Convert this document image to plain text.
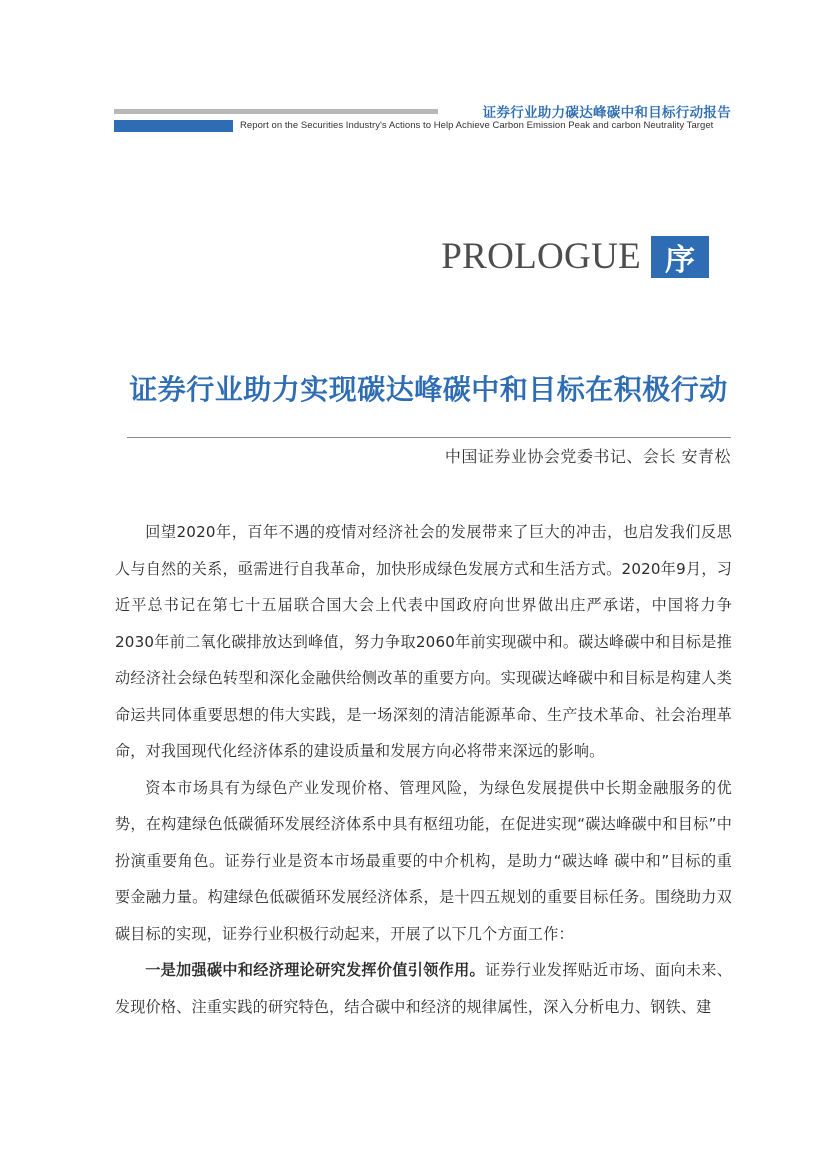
证券行业助力碳达峰碳中和目标行动报告
Report on the Securities Industry's Actions to Help Achieve Carbon Emission Peak and carbon Neutrality Target
PROLOGUE 序
证券行业助力实现碳达峰碳中和目标在积极行动
中国证券业协会党委书记、会长 安青松

回望2020年，百年不遇的疫情对经济社会的发展带来了巨大的冲击，也启发我们反思人与自然的关系，亟需进行自我革命，加快形成绿色发展方式和生活方式。2020年9月，习近平总书记在第七十五届联合国大会上代表中国政府向世界做出庄严承诺，中国将力争2030年前二氧化碳排放达到峰值，努力争取2060年前实现碳中和。碳达峰碳中和目标是推动经济社会绿色转型和深化金融供给侧改革的重要方向。实现碳达峰碳中和目标是构建人类命运共同体重要思想的伟大实践，是一场深刻的清洁能源革命、生产技术革命、社会治理革命，对我国现代化经济体系的建设质量和发展方向必将带来深远的影响。

资本市场具有为绿色产业发现价格、管理风险，为绿色发展提供中长期金融服务的优势，在构建绿色低碳循环发展经济体系中具有枢纽功能，在促进实现“碳达峰碳中和目标”中扮演重要角色。证券行业是资本市场最重要的中介机构，是助力“碳达峰 碳中和”目标的重要金融力量。构建绿色低碳循环发展经济体系，是十四五规划的重要目标任务。围绕助力双碳目标的实现，证券行业积极行动起来，开展了以下几个方面工作：

一是加强碳中和经济理论研究发挥价值引领作用。证券行业发挥贴近市场、面向未来、发现价格、注重实践的研究特色，结合碳中和经济的规律属性，深入分析电力、钢铁、建
